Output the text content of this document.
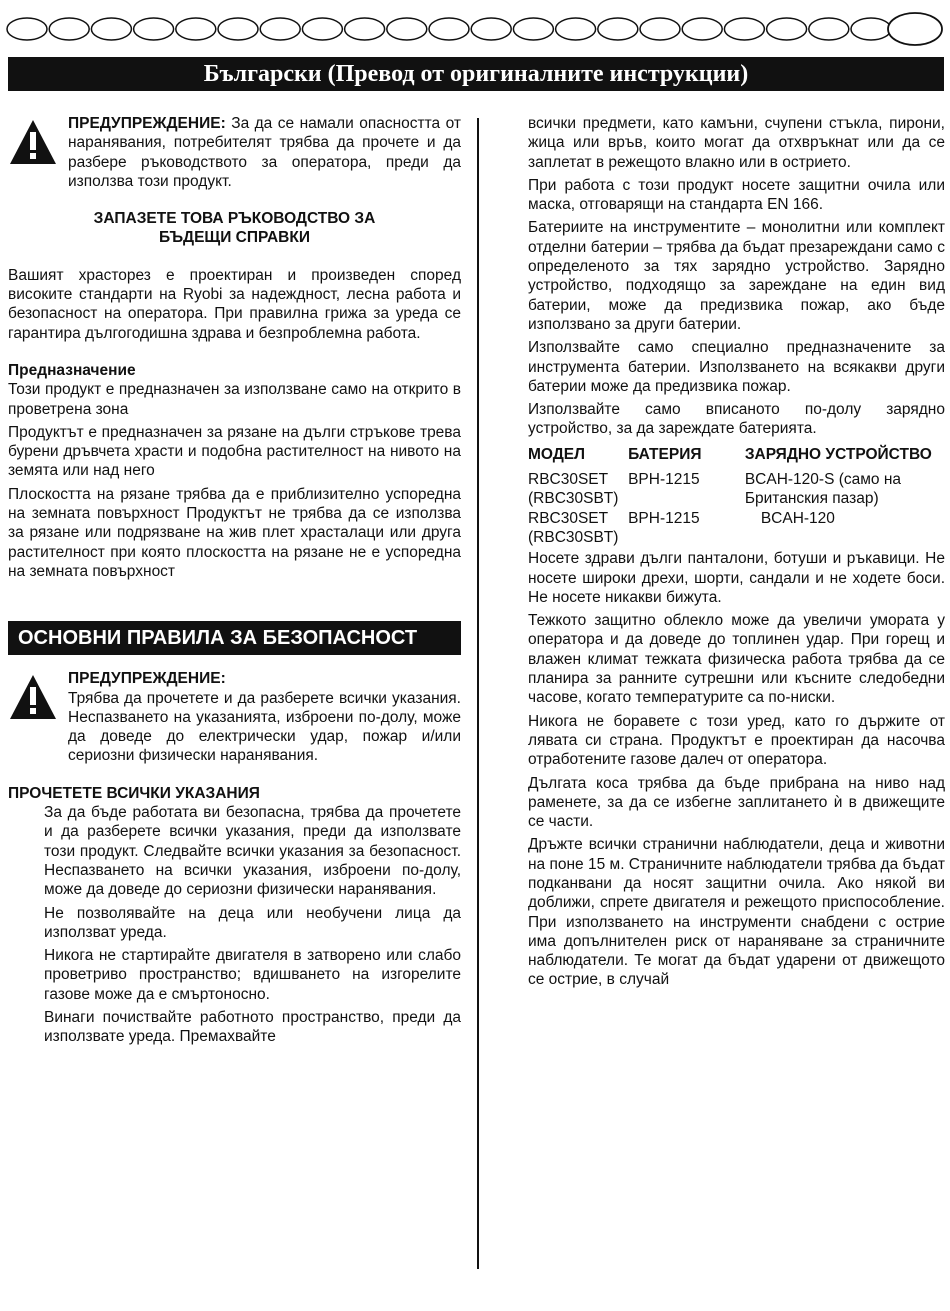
Български (Превод от оригиналните инструкции)
ПРЕДУПРЕЖДЕНИЕ: За да се намали опасността от наранявания, потребителят трябва да прочете и да разбере ръководството за оператора, преди да използва този продукт.
ЗАПАЗЕТЕ ТОВА РЪКОВОДСТВО ЗА
БЪДЕЩИ СПРАВКИ

Вашият храсторез е проектиран и произведен според високите стандарти на Ryobi за надеждност, лесна работа и безопасност на оператора. При правилна грижа за уреда се гарантира дългогодишна здрава и безпроблемна работа.

Предназначение

Този продукт е предназначен за използване само на открито в проветрена зона

Продуктът е предназначен за рязане на дълги стръкове трева бурени дръвчета храсти и подобна растителност на нивото на земята или над него

Плоскостта на рязане трябва да е приблизително успоредна на земната повърхност Продуктът не трябва да се използва за рязане или подрязване на жив плет храсталаци или друга растителност при която плоскостта на рязане не е успоредна на земната повърхност

ОСНОВНИ ПРАВИЛА ЗА БЕЗОПАСНОСТ
ПРЕДУПРЕЖДЕНИЕ:
Трябва да прочетете и да разберете всички указания. Неспазването на указанията, изброени по-долу, може да доведе до електрически удар, пожар и/или сериозни физически наранявания.

ПРОЧЕТЕТЕ ВСИЧКИ УКАЗАНИЯ

За да бъде работата ви безопасна, трябва да прочетете и да разберете всички указания, преди да използвате този продукт. Следвайте всички указания за безопасност. Неспазването на всички указания, изброени по-долу, може да доведе до сериозни физически наранявания.

Не позволявайте на деца или необучени лица да използват уреда.

Никога не стартирайте двигателя в затворено или слабо проветриво пространство; вдишването на изгорелите газове може да е смъртоносно.

Винаги почиствайте работното пространство, преди да използвате уреда. Премахвайте

всички предмети, като камъни, счупени стъкла, пирони, жица или връв, които могат да отхвръкнат или да се заплетат в режещото влакно или в острието.

При работа с този продукт носете защитни очила или маска, отговарящи на стандарта EN 166.

Батериите на инструментите – монолитни или комплект отделни батерии – трябва да бъдат презареждани само с определеното за тях зарядно устройство. Зарядно устройство, подходящо за зареждане на един вид батерии, може да предизвика пожар, ако бъде използвано за други батерии.

Използвайте само специално предназначените за инструмента батерии. Използването на всякакви други батерии може да предизвика пожар.

Използвайте само вписаното по-долу зарядно устройство, за да зареждате батерията.

МОДЕЛ	БАТЕРИЯ	ЗАРЯДНО УСТРОЙСТВО
RBC30SET (RBC30SBT)	BPH-1215	BCAH-120-S (само на Британския пазар)
RBC30SET (RBC30SBT)	BPH-1215	BCAH-120

Носете здрави дълги панталони, ботуши и ръкавици. Не носете широки дрехи, шорти, сандали и не ходете боси. Не носете никакви бижута.

Тежкото защитно облекло може да увеличи умората у оператора и да доведе до топлинен удар. При горещ и влажен климат тежката физическа работа трябва да се планира за ранните сутрешни или късните следобедни часове, когато температурите са по-ниски.

Никога не боравете с този уред, като го държите от лявата си страна. Продуктът е проектиран да насочва отработените газове далеч от оператора.

Дългата коса трябва да бъде прибрана на ниво над раменете, за да се избегне заплитането ѝ в движещите се части.

Дръжте всички странични наблюдатели, деца и животни на поне 15 м. Страничните наблюдатели трябва да бъдат подканвани да носят защитни очила. Ако някой ви доближи, спрете двигателя и режещото приспособление. При използването на инструменти снабдени с острие има допълнителен риск от нараняване за страничните наблюдатели. Те могат да бъдат ударени от движещото се острие, в случай
